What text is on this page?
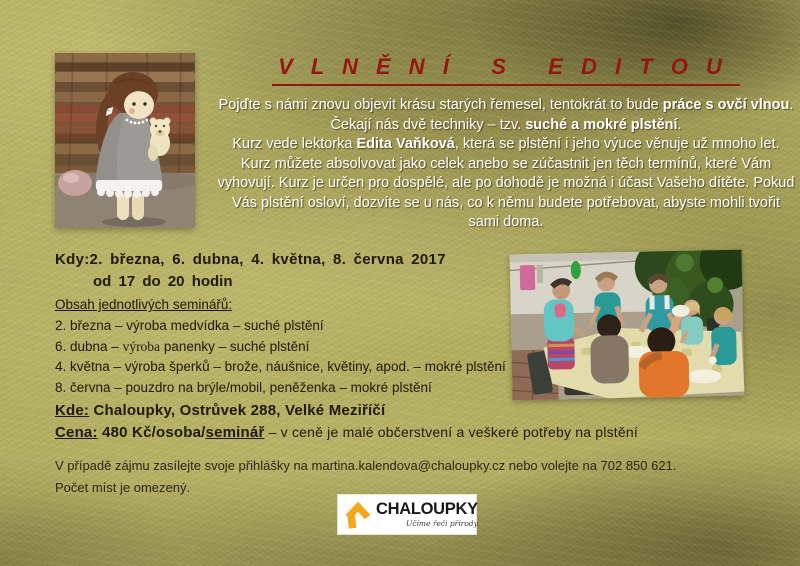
V L N Ě N Í   S   E D I T O U

Pojďte s námi znovu objevit krásu starých řemesel, tentokrát to bude práce s ovčí vlnou. Čekají nás dvě techniky – tzv. suché a mokré plstění.
Kurz vede lektorka Edita Vaňková, která se plstění i jeho výuce věnuje už mnoho let. Kurz můžete absolvovat jako celek anebo se zúčastnit jen těch termínů, které Vám vyhovují. Kurz je určen pro dospělé, ale po dohodě je možná i účast Vašeho dítěte. Pokud Vás plstění osloví, dozvíte se u nás, co k němu budete potřebovat, abyste mohli tvořit sami doma.

Kdy:2. března, 6. dubna, 4. května, 8. června 2017
od 17 do 20 hodin
Obsah jednotlivých seminářů:
2. března – výroba medvídka – suché plstění
6. dubna – výroba panenky – suché plstění
4. května – výroba šperků – brože, náušnice, květiny, apod. – mokré plstění
8. června – pouzdro na brýle/mobil, peněženka – mokré plstění
Kde: Chaloupky, Ostrůvek 288, Velké Meziříčí
Cena: 480 Kč/osoba/seminář – v ceně je malé občerstvení a veškeré potřeby na plstění
V případě zájmu zasílejte svoje přihlášky na martina.kalendova@chaloupky.cz nebo volejte na 702 850 621.
Počet míst je omezený.
CHALOUPKY
Učíme řeči přírody
